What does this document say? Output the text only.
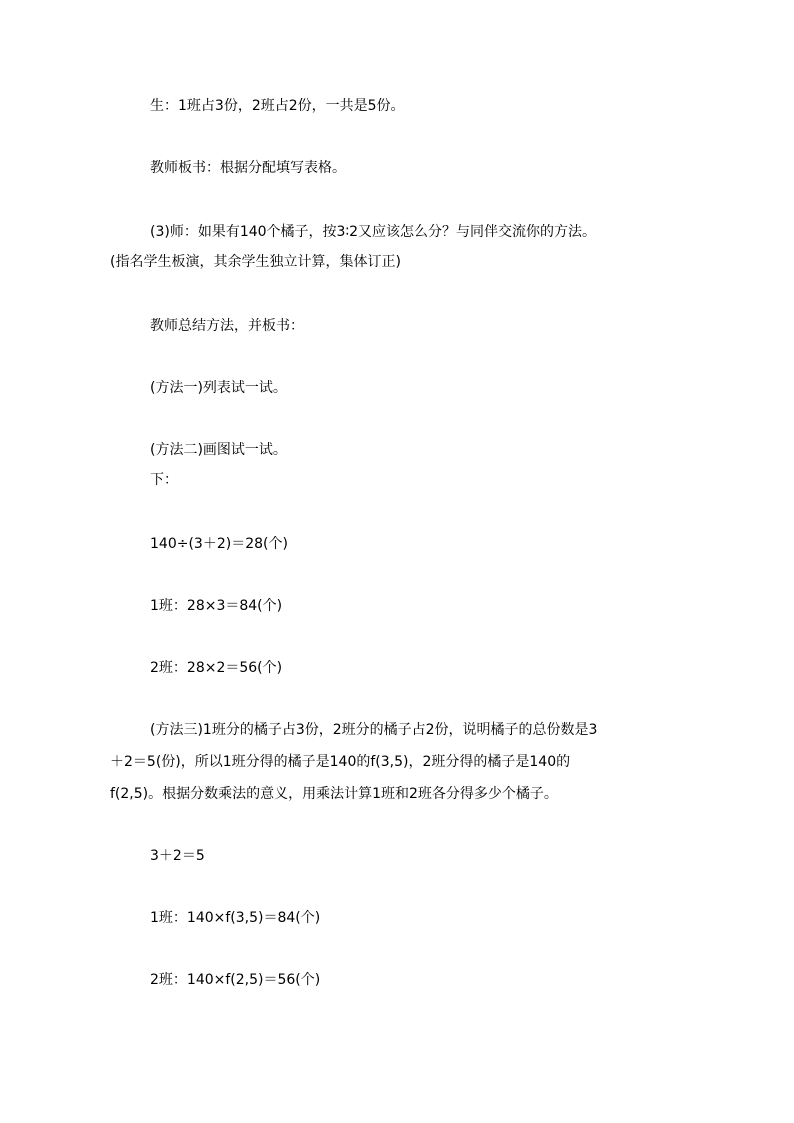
生：1班占3份，2班占2份，一共是5份。
教师板书：根据分配填写表格。
(3)师：如果有140个橘子，按3∶2又应该怎么分？与同伴交流你的方法。
(指名学生板演，其余学生独立计算，集体订正)
教师总结方法，并板书：
(方法一)列表试一试。
(方法二)画图试一试。
下：
140÷(3＋2)＝28(个)
1班：28×3＝84(个)
2班：28×2＝56(个)
(方法三)1班分的橘子占3份，2班分的橘子占2份，说明橘子的总份数是3
＋2＝5(份)，所以1班分得的橘子是140的f(3,5)，2班分得的橘子是140的
f(2,5)。根据分数乘法的意义，用乘法计算1班和2班各分得多少个橘子。
3＋2＝5
1班：140×f(3,5)＝84(个)
2班：140×f(2,5)＝56(个)
